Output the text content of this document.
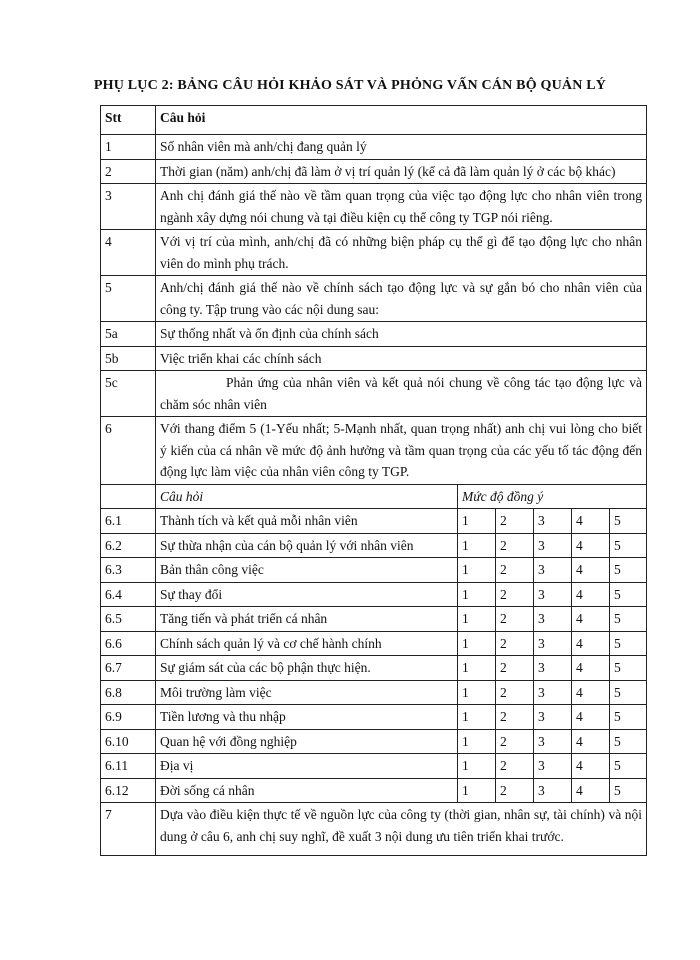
PHỤ LỤC 2: BẢNG CÂU HỎI KHẢO SÁT VÀ PHỎNG VẤN CÁN BỘ QUẢN LÝ
Stt	Câu hỏi					
1	Số nhân viên mà anh/chị đang quản lý					
2	Thời gian (năm) anh/chị đã làm ở vị trí quản lý (kể cả đã làm quản lý ở các bộ khác)					
3	Anh chị đánh giá thế nào về tầm quan trọng của việc tạo động lực cho nhân viên trong ngành xây dựng nói chung và tại điều kiện cụ thể công ty TGP nói riêng.					
4	Với vị trí của mình, anh/chị đã có những biện pháp cụ thể gì để tạo động lực cho nhân viên do mình phụ trách.					
5	Anh/chị đánh giá thế nào về chính sách tạo động lực và sự gắn bó cho nhân viên của công ty. Tập trung vào các nội dung sau:					
5a	Sự thống nhất và ổn định của chính sách					
5b	Việc triển khai các chính sách					
5c	Phản ứng của nhân viên và kết quả nói chung về công tác tạo động lực và chăm sóc nhân viên					
6	Với thang điểm 5 (1-Yếu nhất; 5-Mạnh nhất, quan trọng nhất) anh chị vui lòng cho biết ý kiến của cá nhân về mức độ ảnh hưởng và tầm quan trọng của các yếu tố tác động đến động lực làm việc của nhân viên công ty TGP.					
	Câu hỏi	Mức độ đồng ý				
6.1	Thành tích và kết quả mỗi nhân viên	1	2	3	4	5
6.2	Sự thừa nhận của cán bộ quản lý với nhân viên	1	2	3	4	5
6.3	Bản thân công việc	1	2	3	4	5
6.4	Sự thay đổi	1	2	3	4	5
6.5	Tăng tiến và phát triển cá nhân	1	2	3	4	5
6.6	Chính sách quản lý và cơ chế hành chính	1	2	3	4	5
6.7	Sự giám sát của các bộ phận thực hiện.	1	2	3	4	5
6.8	Môi trường làm việc	1	2	3	4	5
6.9	Tiền lương và thu nhập	1	2	3	4	5
6.10	Quan hệ với đồng nghiệp	1	2	3	4	5
6.11	Địa vị	1	2	3	4	5
6.12	Đời sống cá nhân	1	2	3	4	5
7	Dựa vào điều kiện thực tế về nguồn lực của công ty (thời gian, nhân sự, tài chính) và nội dung ở câu 6, anh chị suy nghĩ, đề xuất 3 nội dung ưu tiên triển khai trước.					
